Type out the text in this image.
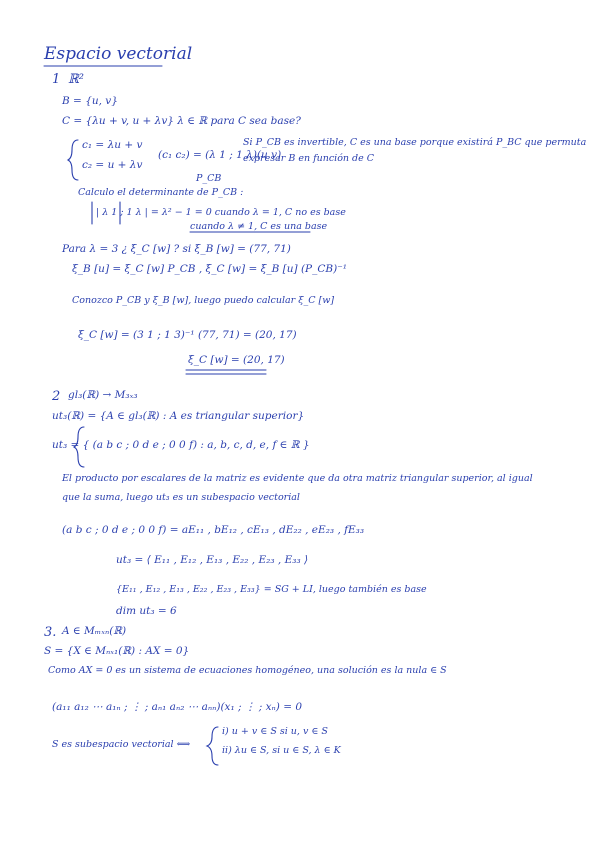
Espacio vectorial
1 ℝ²
B = {u, v}
C = {λu + v, u + λv} λ ∈ ℝ para C sea base?
c₁ = λu + v
c₂ = u + λv
(c₁ c₂) = (λ 1 ; 1 λ)(u v)
P_CB
Si P_CB es invertible, C es una base porque existirá P_BC que permuta
expresar B en función de C
Calculo el determinante de P_CB :
| λ 1 ; 1 λ | = λ² − 1 = 0 cuando λ = 1, C no es base
cuando λ ≠ 1, C es una base
Para λ = 3 ¿ ξ_C [w] ? si ξ_B [w] = (77, 71)
ξ_B [u] = ξ_C [w] P_CB , ξ_C [w] = ξ_B [u] (P_CB)⁻¹
Conozco P_CB y ξ_B [w], luego puedo calcular ξ_C [w]
ξ_C [w] = (3 1 ; 1 3)⁻¹ (77, 71) = (20, 17)
ξ_C [w] = (20, 17)
2 gl₃(ℝ) → M₃ₓ₃
ut₃(ℝ) = {A ∈ gl₃(ℝ) : A es triangular superior}
ut₃ = { (a b c ; 0 d e ; 0 0 f) : a, b, c, d, e, f ∈ ℝ }
El producto por escalares de la matriz es evidente que da otra matriz triangular superior, al igual
que la suma, luego ut₃ es un subespacio vectorial
(a b c ; 0 d e ; 0 0 f) = aE₁₁ , bE₁₂ , cE₁₃ , dE₂₂ , eE₂₃ , fE₃₃
ut₃ = ⟨ E₁₁ , E₁₂ , E₁₃ , E₂₂ , E₂₃ , E₃₃ ⟩
{E₁₁ , E₁₂ , E₁₃ , E₂₂ , E₂₃ , E₃₃} = SG + LI, luego también es base
dim ut₃ = 6
3. A ∈ Mₘₓₙ(ℝ)
S = {X ∈ Mₙₓ₁(ℝ) : AX = 0}
Como AX = 0 es un sistema de ecuaciones homogéneo, una solución es la nula ∈ S
(a₁₁ a₁₂ ⋯ a₁ₙ ; ⋮ ; aₙ₁ aₙ₂ ⋯ aₙₙ)(x₁ ; ⋮ ; xₙ) = 0
S es subespacio vectorial ⟺
i) u + v ∈ S si u, v ∈ S
ii) λu ∈ S, si u ∈ S, λ ∈ K
